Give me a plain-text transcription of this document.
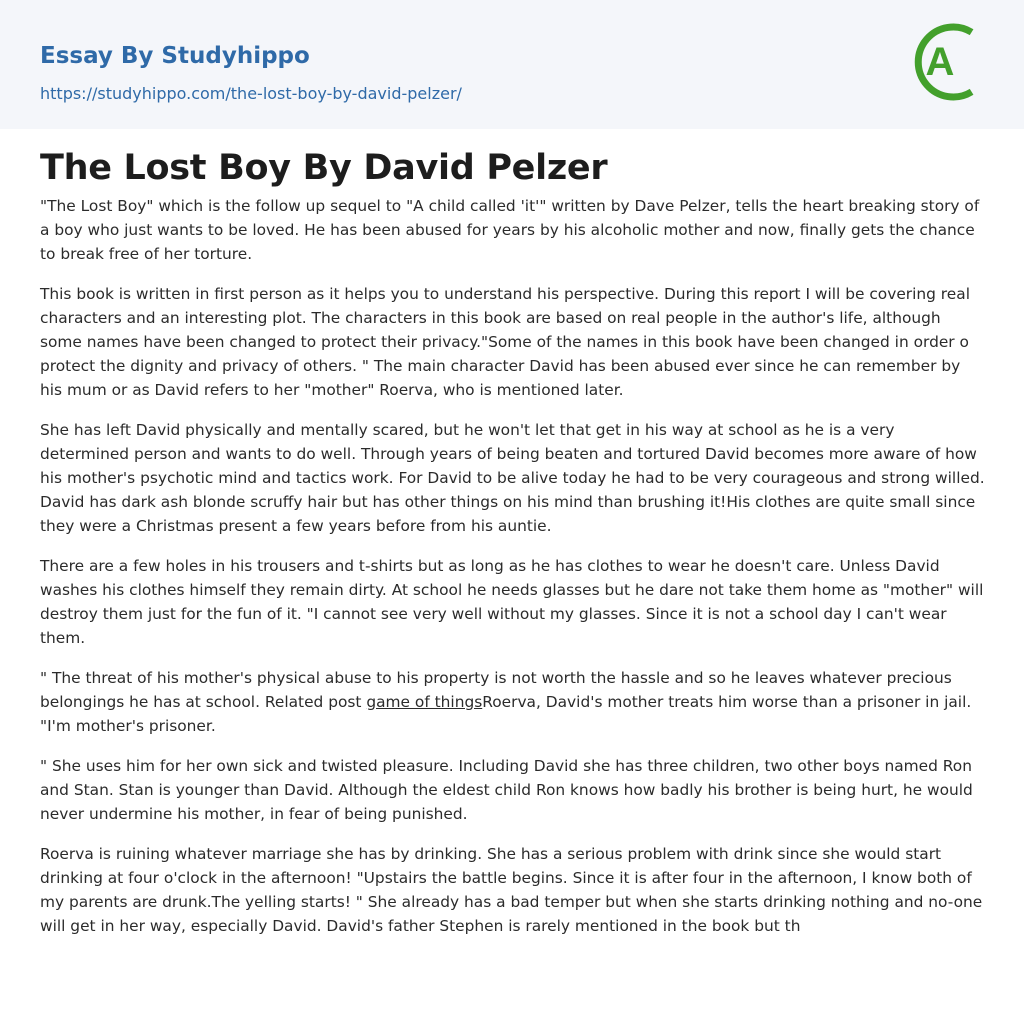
Essay By Studyhippo
https://studyhippo.com/the-lost-boy-by-david-pelzer/
A
The Lost Boy By David Pelzer

"The Lost Boy" which is the follow up sequel to "A child called 'it'" written by Dave Pelzer, tells the heart breaking story of a boy who just wants to be loved. He has been abused for years by his alcoholic mother and now, finally gets the chance to break free of her torture.

This book is written in first person as it helps you to understand his perspective. During this report I will be covering real characters and an interesting plot. The characters in this book are based on real people in the author's life, although some names have been changed to protect their privacy."Some of the names in this book have been changed in order o protect the dignity and privacy of others. " The main character David has been abused ever since he can remember by his mum or as David refers to her "mother" Roerva, who is mentioned later.

She has left David physically and mentally scared, but he won't let that get in his way at school as he is a very determined person and wants to do well. Through years of being beaten and tortured David becomes more aware of how his mother's psychotic mind and tactics work. For David to be alive today he had to be very courageous and strong willed. David has dark ash blonde scruffy hair but has other things on his mind than brushing it!His clothes are quite small since they were a Christmas present a few years before from his auntie.

There are a few holes in his trousers and t-shirts but as long as he has clothes to wear he doesn't care. Unless David washes his clothes himself they remain dirty. At school he needs glasses but he dare not take them home as "mother" will destroy them just for the fun of it. "I cannot see very well without my glasses. Since it is not a school day I can't wear them.

" The threat of his mother's physical abuse to his property is not worth the hassle and so he leaves whatever precious belongings he has at school. Related post game of thingsRoerva, David's mother treats him worse than a prisoner in jail. "I'm mother's prisoner.

" She uses him for her own sick and twisted pleasure. Including David she has three children, two other boys named Ron and Stan. Stan is younger than David. Although the eldest child Ron knows how badly his brother is being hurt, he would never undermine his mother, in fear of being punished.

Roerva is ruining whatever marriage she has by drinking. She has a serious problem with drink since she would start drinking at four o'clock in the afternoon! "Upstairs the battle begins. Since it is after four in the afternoon, I know both of my parents are drunk.The yelling starts! " She already has a bad temper but when she starts drinking nothing and no-one will get in her way, especially David. David's father Stephen is rarely mentioned in the book but th
